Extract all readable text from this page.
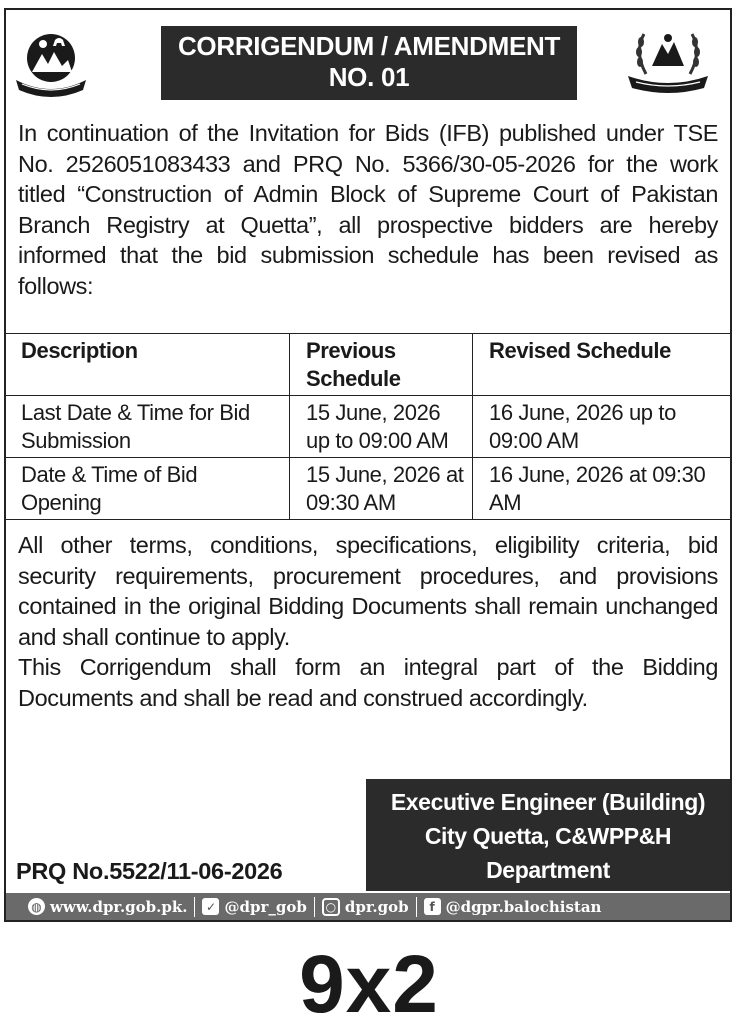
CORRIGENDUM / AMENDMENT
NO. 01
In continuation of the Invitation for Bids (IFB) published under TSE No. 2526051083433 and PRQ No. 5366/30-05-2026 for the work titled “Construction of Admin Block of Supreme Court of Pakistan Branch Registry at Quetta”, all prospective bidders are hereby informed that the bid submission schedule has been revised as follows:
Description	Previous Schedule	Revised Schedule
Last Date & Time for Bid Submission	15 June, 2026 up to 09:00 AM	16 June, 2026 up to 09:00 AM
Date & Time of Bid Opening	15 June, 2026 at 09:30 AM	16 June, 2026 at 09:30 AM

All other terms, conditions, specifications, eligibility criteria, bid security requirements, procurement procedures, and provisions contained in the original Bidding Documents shall remain unchanged and shall continue to apply.

This Corrigendum shall form an integral part of the Bidding Documents and shall be read and construed accordingly.

Executive Engineer (Building)
City Quetta, C&WPP&H
Department
PRQ No.5522/11-06-2026
◍ www.dpr.gob.pk. ✓ @dpr_gob	○ dpr.gob	f @dgpr.balochistan
9x2
